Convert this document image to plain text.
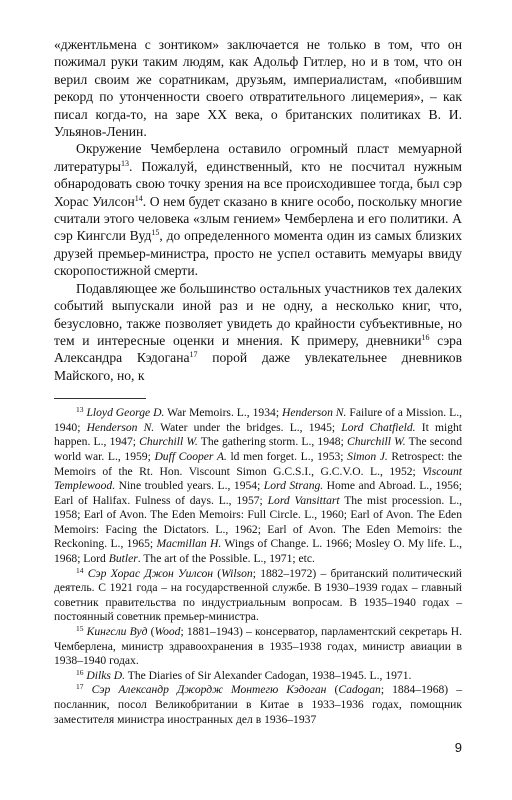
«джентльмена с зонтиком» заключается не только в том, что он пожимал руки таким людям, как Адольф Гитлер, но и в том, что он верил своим же соратникам, друзьям, империалистам, «побившим рекорд по утонченности своего отвратительного лицемерия», – как писал когда-то, на заре XX века, о британских политиках В. И. Ульянов-Ленин.

Окружение Чемберлена оставило огромный пласт мемуарной литературы$^{13}$. Пожалуй, единственный, кто не посчитал нужным обнародовать свою точку зрения на все происходившее тогда, был сэр Хорас Уилсон$^{14}$. О нем будет сказано в книге особо, поскольку многие считали этого человека «злым гением» Чемберлена и его политики. А сэр Кингсли Вуд$^{15}$, до определенного момента один из самых близких друзей премьер-министра, просто не успел оставить мемуары ввиду скоропостижной смерти.

Подавляющее же большинство остальных участников тех далеких событий выпускали иной раз и не одну, а несколько книг, что, безусловно, также позволяет увидеть до крайности субъективные, но тем и интересные оценки и мнения. К примеру, дневники$^{16}$ сэра Александра Кэдогана$^{17}$ порой даже увлекательнее дневников Майского, но, к

$^{13}$ Lloyd George D. War Memoirs. L., 1934; Henderson N. Failure of a Mission. L., 1940; Henderson N. Water under the bridges. L., 1945; Lord Chatfield. It might happen. L., 1947; Churchill W. The gathering storm. L., 1948; Churchill W. The second world war. L., 1959; Duff Cooper A. ld men forget. L., 1953; Simon J. Retrospect: the Memoirs of the Rt. Hon. Viscount Simon G.C.S.I., G.C.V.O. L., 1952; Viscount Templewood. Nine troubled years. L., 1954; Lord Strang. Home and Abroad. L., 1956; Earl of Halifax. Fulness of days. L., 1957; Lord Vansittart The mist procession. L., 1958; Earl of Avon. The Eden Memoirs: Full Circle. L., 1960; Earl of Avon. The Eden Memoirs: Facing the Dictators. L., 1962; Earl of Avon. The Eden Memoirs: the Reckoning. L., 1965; Macmillan H. Wings of Change. L. 1966; Mosley O. My life. L., 1968; Lord Butler. The art of the Possible. L., 1971; etc.

$^{14}$ Сэр Хорас Джон Уилсон (Wilson; 1882–1972) – британский политический деятель. С 1921 года – на государственной службе. В 1930–1939 годах – главный советник правительства по индустриальным вопросам. В 1935–1940 годах – постоянный советник премьер-министра.

$^{15}$ Кингсли Вуд (Wood; 1881–1943) – консерватор, парламентский секретарь Н. Чемберлена, министр здравоохранения в 1935–1938 годах, министр авиации в 1938–1940 годах.

$^{16}$ Dilks D. The Diaries of Sir Alexander Cadogan, 1938–1945. L., 1971.

$^{17}$ Сэр Александр Джордж Монтегю Кэдоган (Cadogan; 1884–1968) – посланник, посол Великобритании в Китае в 1933–1936 годах, помощник заместителя министра иностранных дел в 1936–1937

9
